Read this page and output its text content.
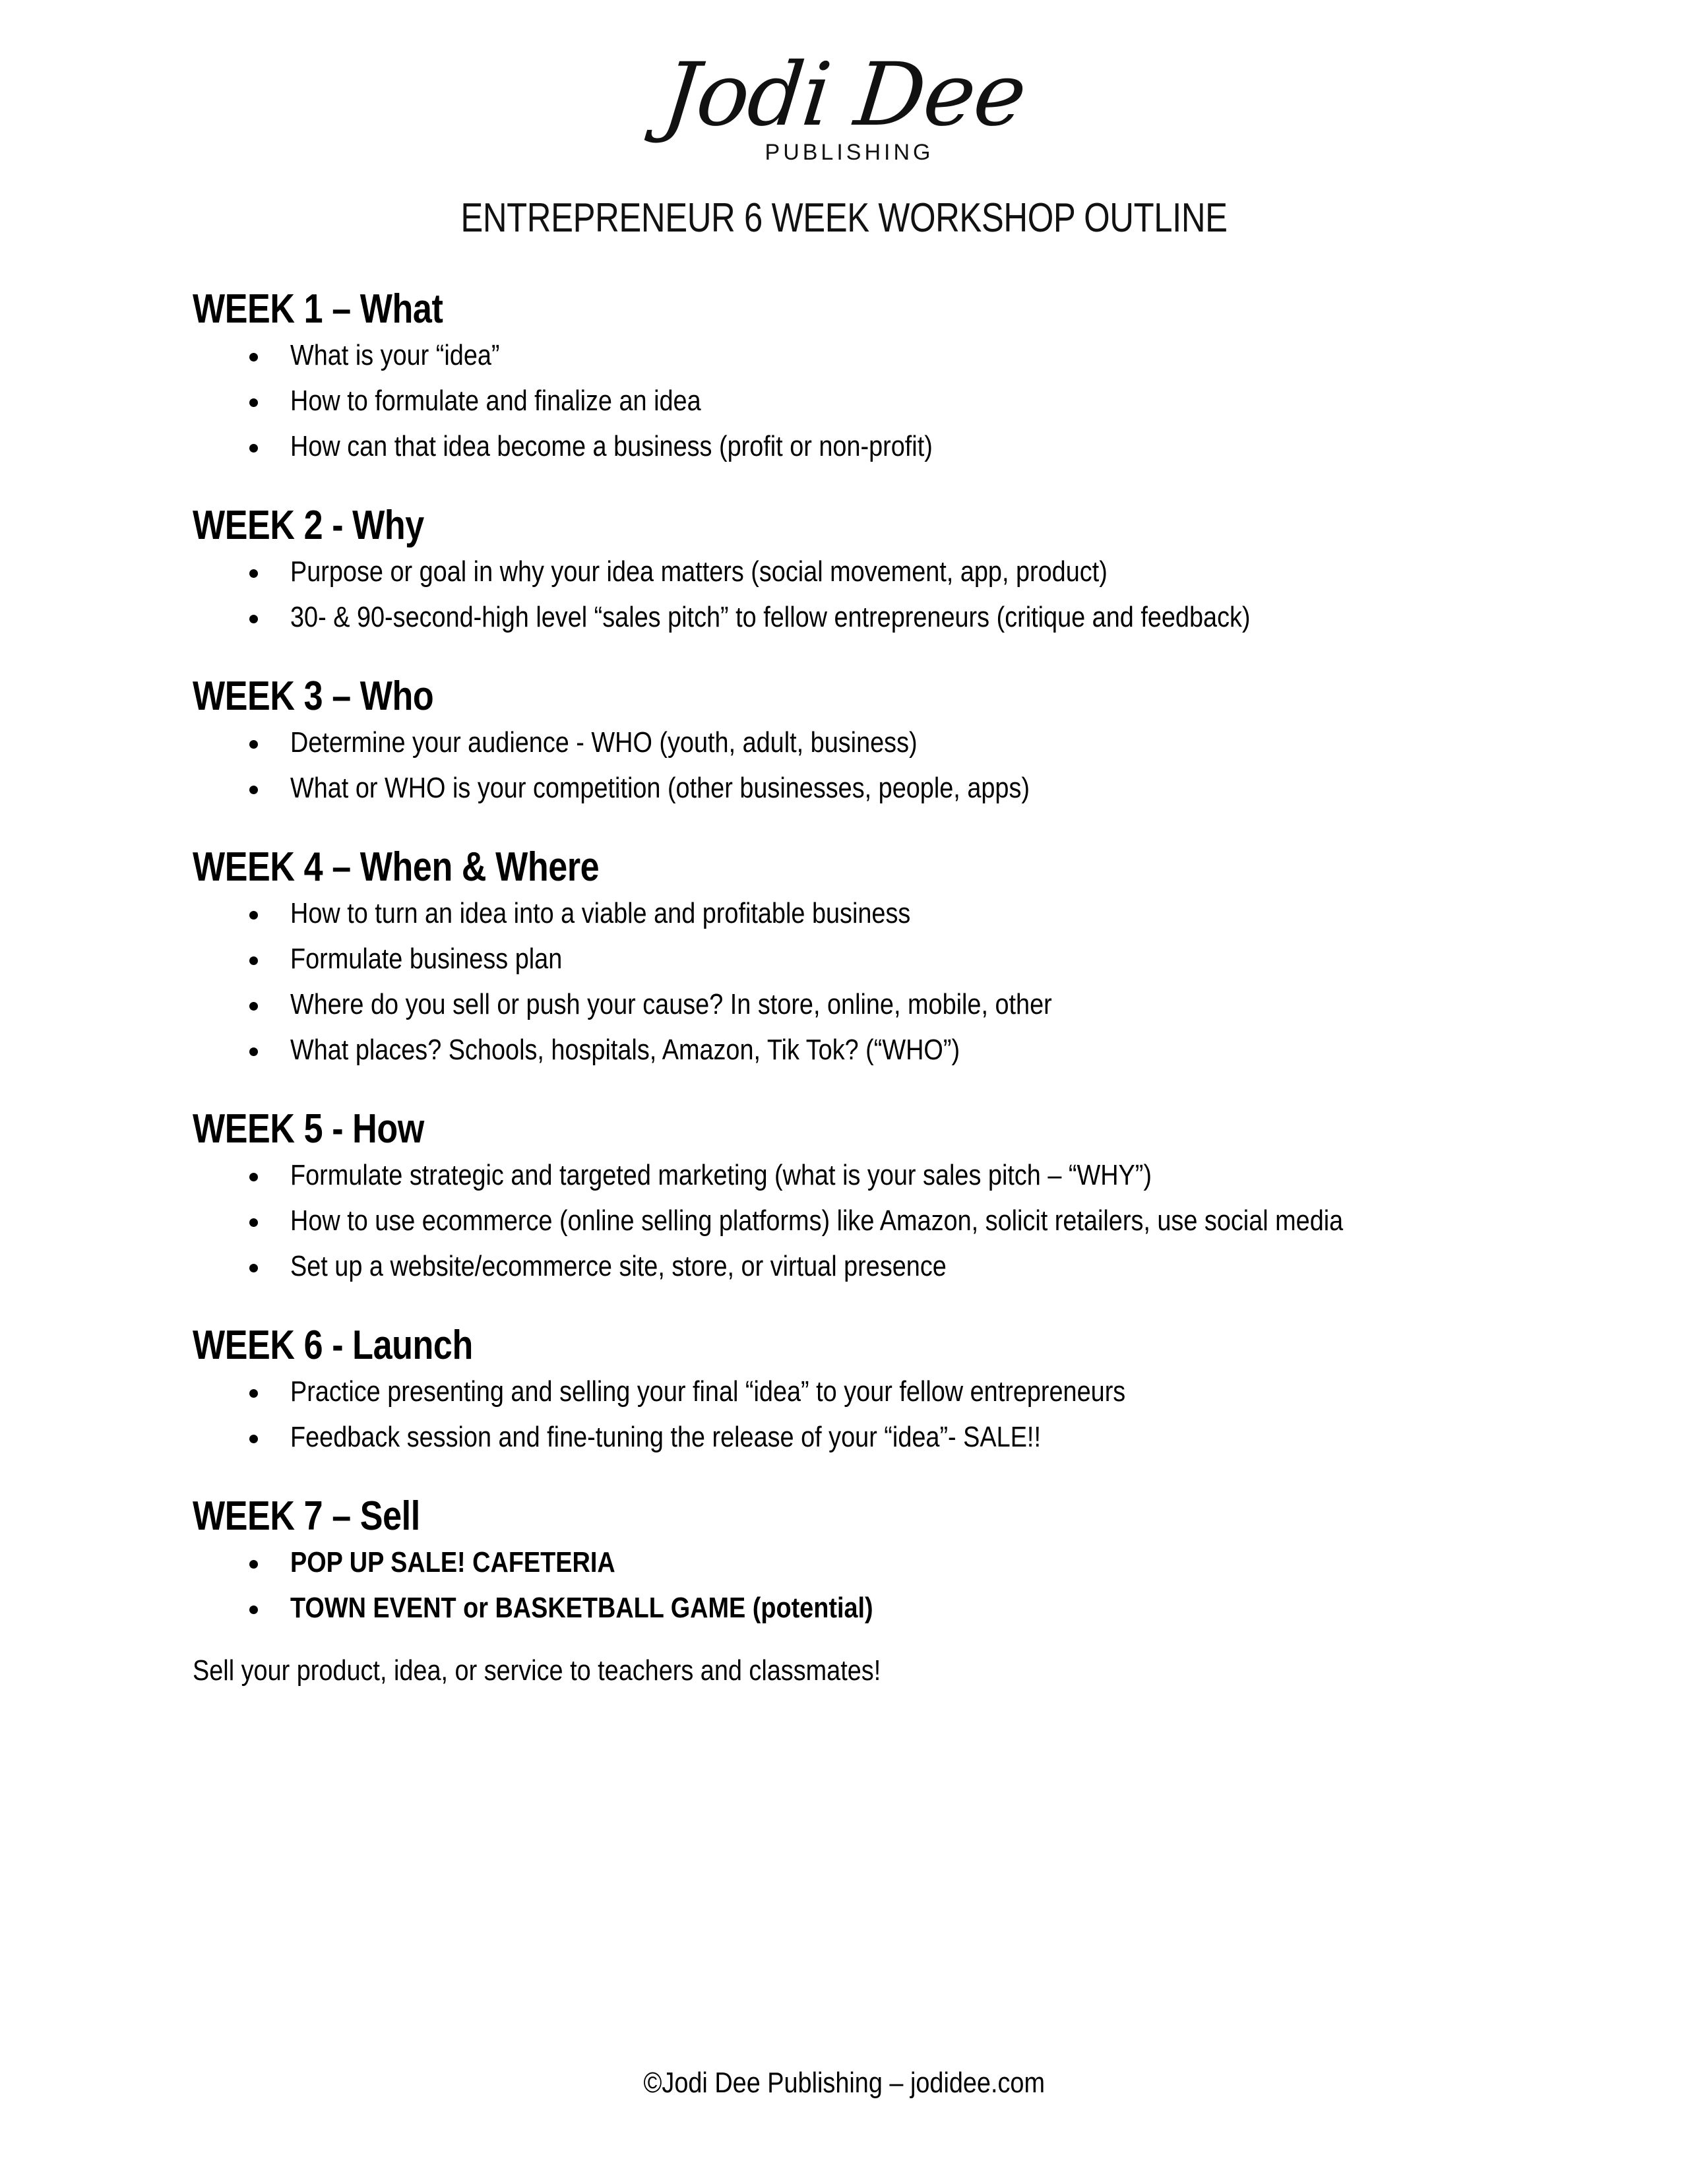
Jodi Dee
PUBLISHING
ENTREPRENEUR 6 WEEK WORKSHOP OUTLINE
WEEK 1 – What
What is your “idea”
How to formulate and finalize an idea
How can that idea become a business (profit or non-profit)
WEEK 2 - Why
Purpose or goal in why your idea matters (social movement, app, product)
30- & 90-second-high level “sales pitch” to fellow entrepreneurs (critique and feedback)
WEEK 3 – Who
Determine your audience - WHO (youth, adult, business)
What or WHO is your competition (other businesses, people, apps)
WEEK 4 – When & Where
How to turn an idea into a viable and profitable business
Formulate business plan
Where do you sell or push your cause? In store, online, mobile, other
What places? Schools, hospitals, Amazon, Tik Tok? (“WHO”)
WEEK 5 - How
Formulate strategic and targeted marketing (what is your sales pitch – “WHY”)
How to use ecommerce (online selling platforms) like Amazon, solicit retailers, use social media
Set up a website/ecommerce site, store, or virtual presence
WEEK 6 - Launch
Practice presenting and selling your final “idea” to your fellow entrepreneurs
Feedback session and fine-tuning the release of your “idea”- SALE!!
WEEK 7 – Sell
POP UP SALE! CAFETERIA
TOWN EVENT or BASKETBALL GAME (potential)

Sell your product, idea, or service to teachers and classmates!

©Jodi Dee Publishing – jodidee.com
